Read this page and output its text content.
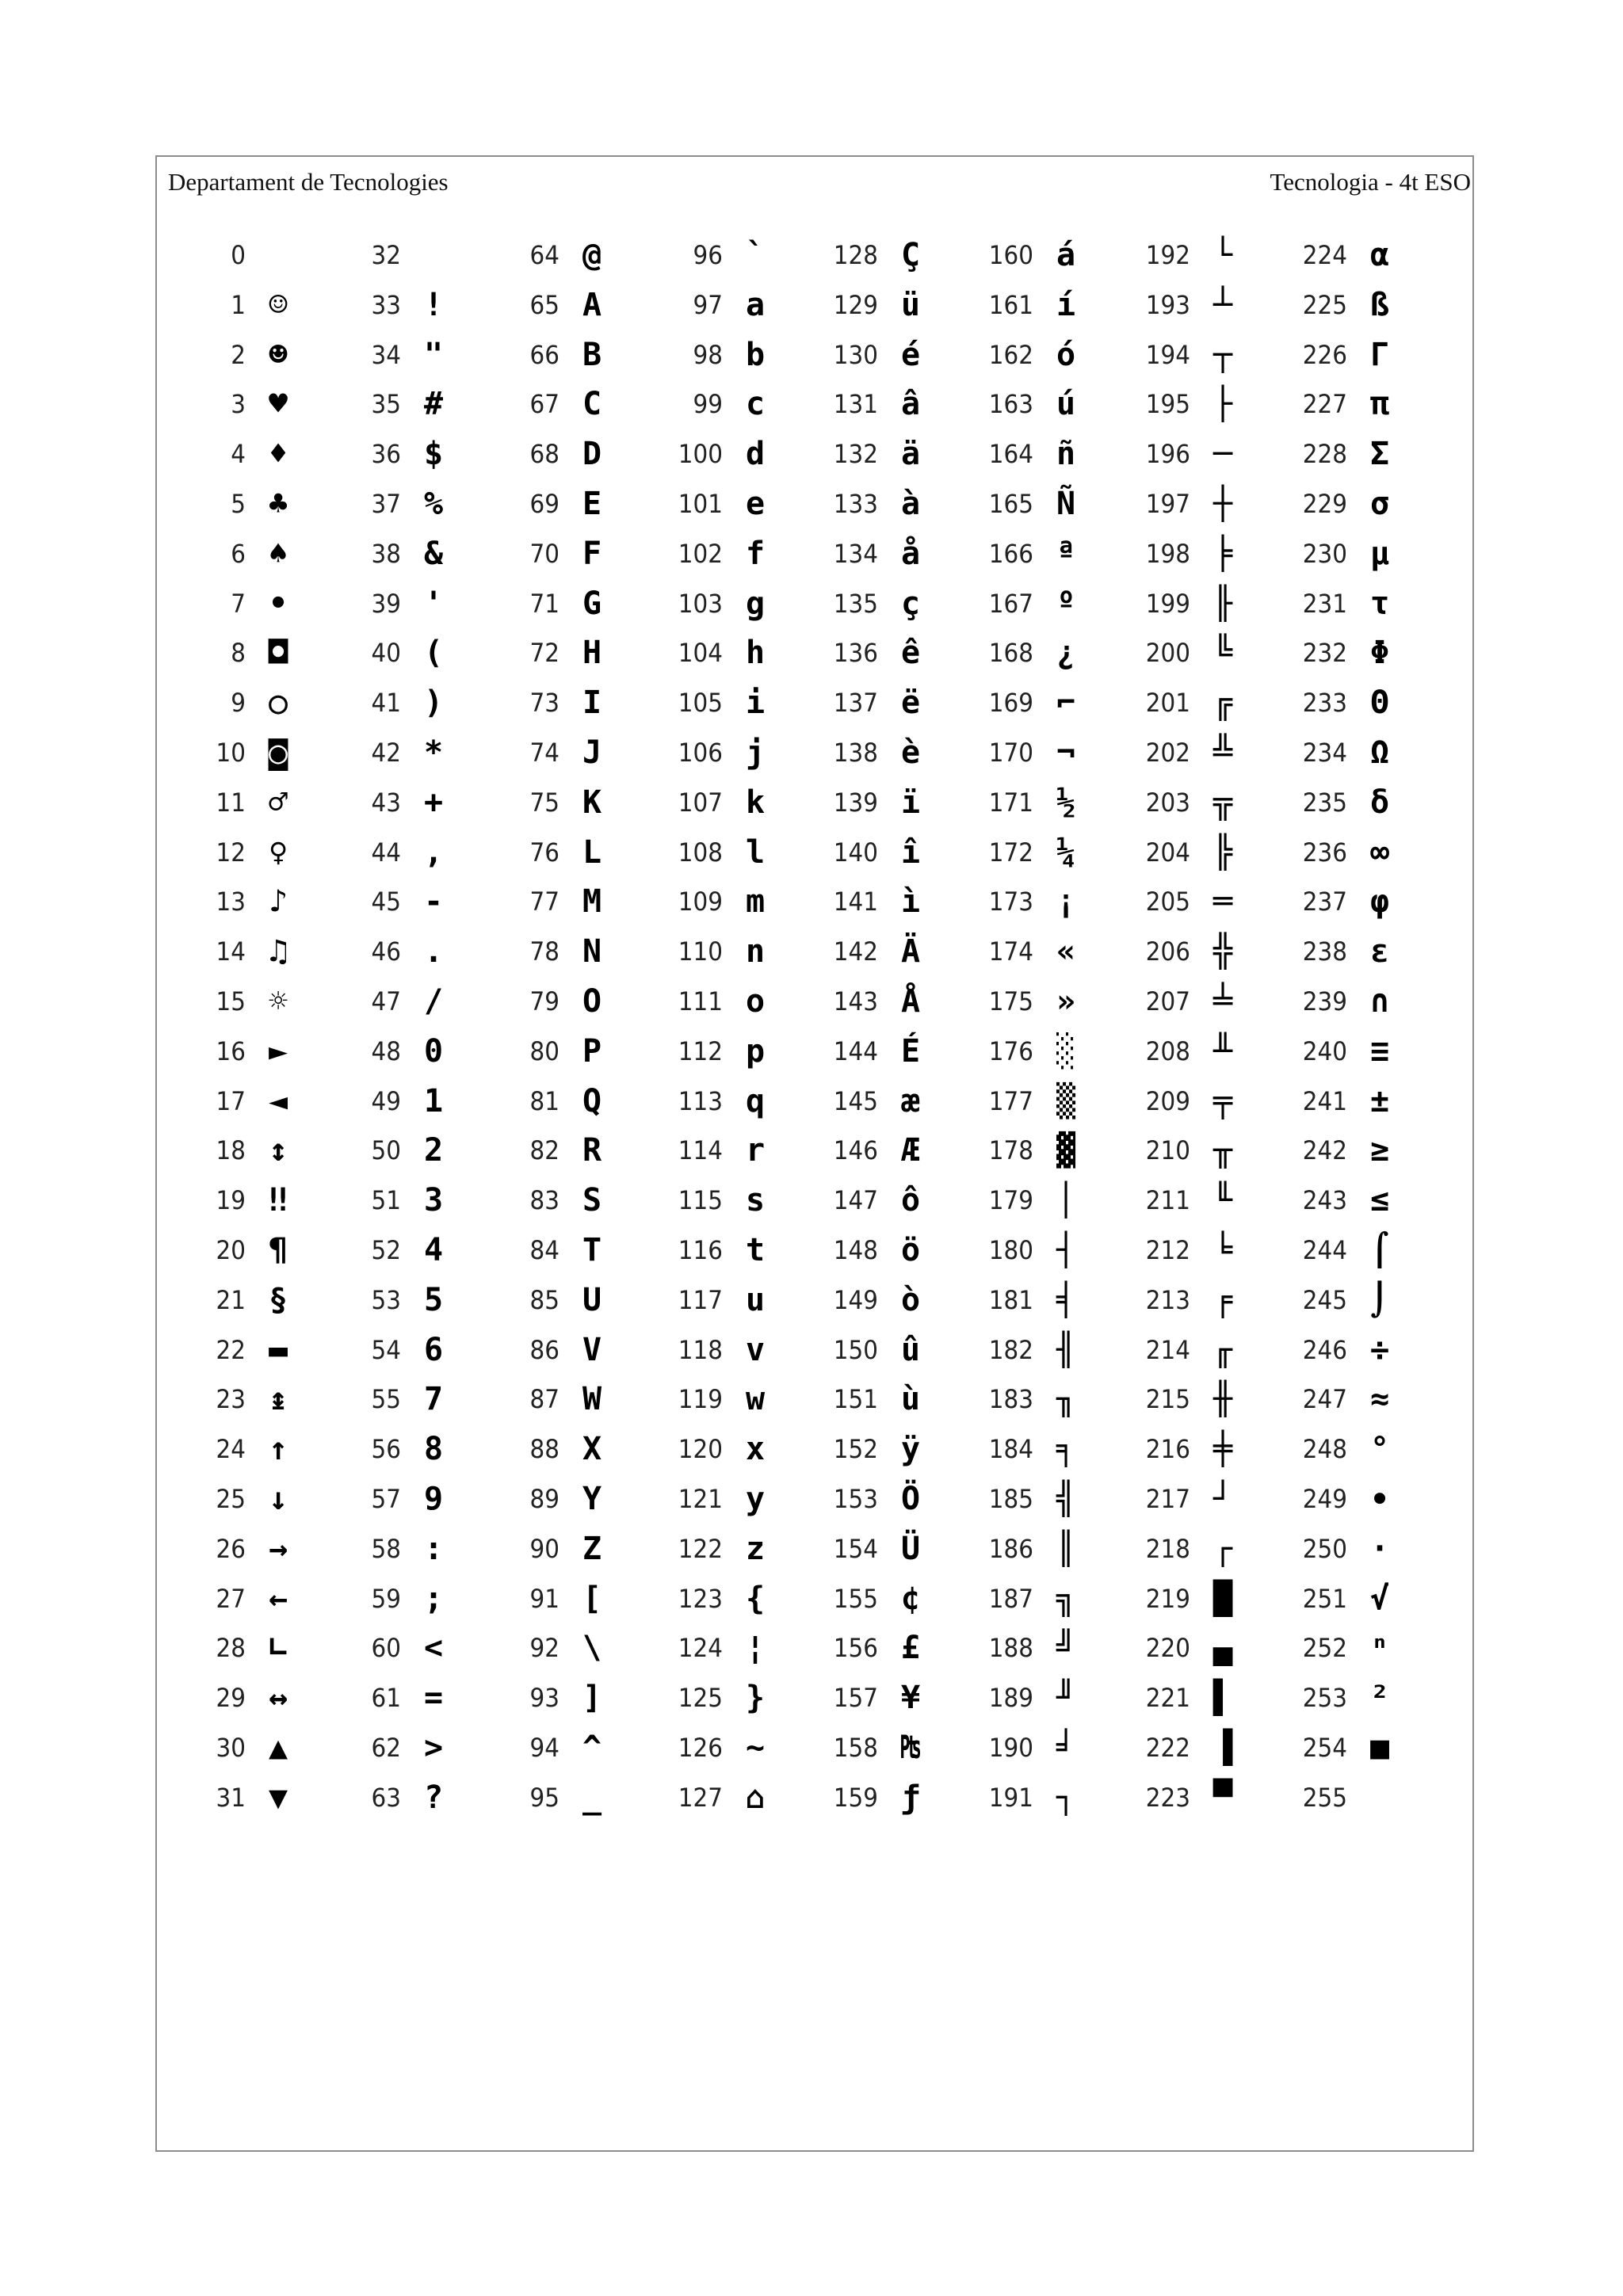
Departament de Tecnologies	Tecnologia - 4t ESO
0
1 ☺
2 ☻
3 ♥
4 ♦
5 ♣
6 ♠
7 •
8 ◘
9 ○
10 ◙
11 ♂
12 ♀
13 ♪
14 ♫
15 ☼
16 ►
17 ◄
18 ↕
19 ‼
20 ¶
21 §
22 ▬
23 ↨
24 ↑
25 ↓
26 →
27 ←
28 ∟
29 ↔
30 ▲
31 ▼
32
33 !
34 "
35 #
36 $
37 %
38 &
39 '
40 (
41 )
42 *
43 +
44 ,
45 -
46 .
47 /
48 0
49 1
50 2
51 3
52 4
53 5
54 6
55 7
56 8
57 9
58 :
59 ;
60 <
61 =
62 >
63 ?
64 @
65 A
66 B
67 C
68 D
69 E
70 F
71 G
72 H
73 I
74 J
75 K
76 L
77 M
78 N
79 O
80 P
81 Q
82 R
83 S
84 T
85 U
86 V
87 W
88 X
89 Y
90 Z
91 [
92 \
93 ]
94 ^
95 _
96 `
97 a
98 b
99 c
100 d
101 e
102 f
103 g
104 h
105 i
106 j
107 k
108 l
109 m
110 n
111 o
112 p
113 q
114 r
115 s
116 t
117 u
118 v
119 w
120 x
121 y
122 z
123 {
124 ¦
125 }
126 ~
127 ⌂
128 Ç
129 ü
130 é
131 â
132 ä
133 à
134 å
135 ç
136 ê
137 ë
138 è
139 ï
140 î
141 ì
142 Ä
143 Å
144 É
145 æ
146 Æ
147 ô
148 ö
149 ò
150 û
151 ù
152 ÿ
153 Ö
154 Ü
155 ¢
156 £
157 ¥
158 ₧
159 ƒ
160 á
161 í
162 ó
163 ú
164 ñ
165 Ñ
166 ª
167 º
168 ¿
169 ⌐
170 ¬
171 ½
172 ¼
173 ¡
174 «
175 »
176 ░
177 ▒
178 ▓
179 │
180 ┤
181 ╡
182 ╢
183 ╖
184 ╕
185 ╣
186 ║
187 ╗
188 ╝
189 ╜
190 ╛
191 ┐
192 └
193 ┴
194 ┬
195 ├
196 ─
197 ┼
198 ╞
199 ╟
200 ╚
201 ╔
202 ╩
203 ╦
204 ╠
205 ═
206 ╬
207 ╧
208 ╨
209 ╤
210 ╥
211 ╙
212 ╘
213 ╒
214 ╓
215 ╫
216 ╪
217 ┘
218 ┌
219 █
220 ▄
221 ▌
222 ▐
223 ▀
224 α
225 ß
226 Γ
227 π
228 Σ
229 σ
230 µ
231 τ
232 Φ
233 Θ
234 Ω
235 δ
236 ∞
237 φ
238 ε
239 ∩
240 ≡
241 ±
242 ≥
243 ≤
244 ⌠
245 ⌡
246 ÷
247 ≈
248 °
249 ∙
250 ·
251 √
252 ⁿ
253 ²
254 ■
255
